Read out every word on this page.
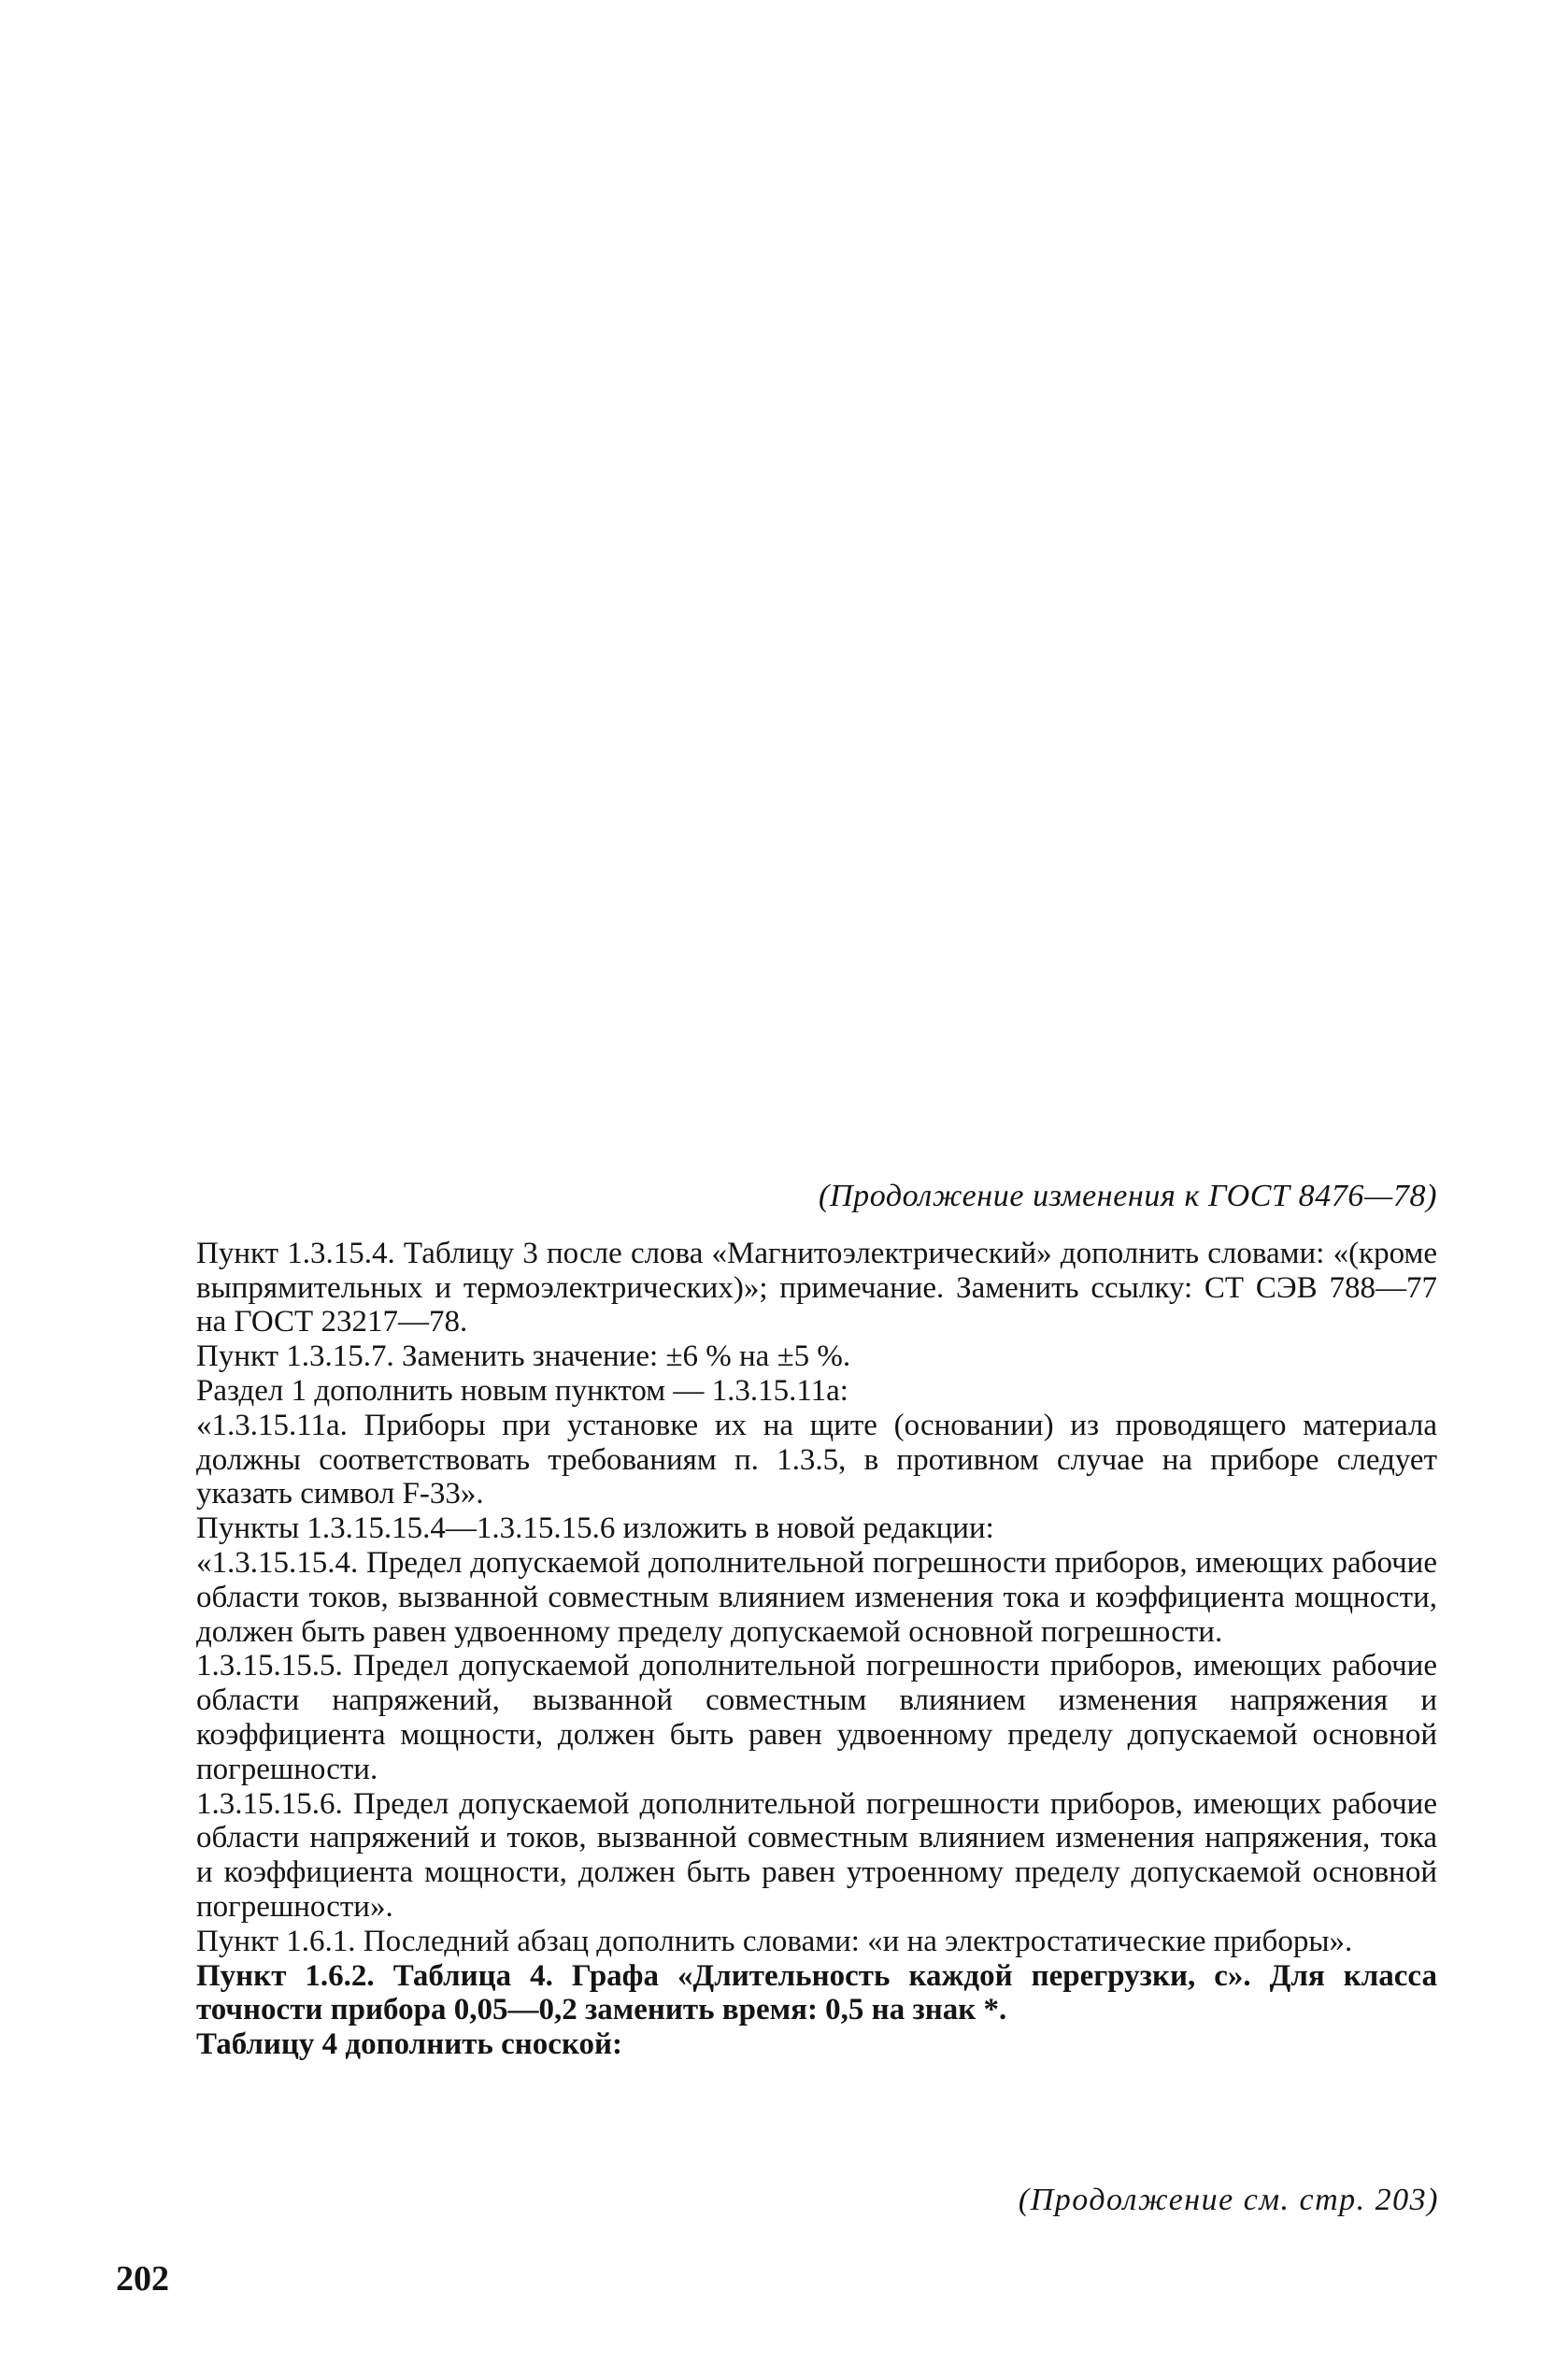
(Продолжение изменения к ГОСТ 8476—78)

Пункт 1.3.15.4. Таблицу 3 после слова «Магнитоэлектрический» дополнить словами: «(кроме выпрямительных и термоэлектрических)»; примечание. Заменить ссылку: СТ СЭВ 788—77 на ГОСТ 23217—78.

Пункт 1.3.15.7. Заменить значение: ±6 % на ±5 %.

Раздел 1 дополнить новым пунктом — 1.3.15.11а:

«1.3.15.11а. Приборы при установке их на щите (основании) из проводящего материала должны соответствовать требованиям п. 1.3.5, в противном случае на приборе следует указать символ F-33».

Пункты 1.3.15.15.4—1.3.15.15.6 изложить в новой редакции:

«1.3.15.15.4. Предел допускаемой дополнительной погрешности приборов, имеющих рабочие области токов, вызванной совместным влиянием изменения тока и коэффициента мощности, должен быть равен удвоенному пределу допускаемой основной погрешности.

1.3.15.15.5. Предел допускаемой дополнительной погрешности приборов, имеющих рабочие области напряжений, вызванной совместным влиянием изменения напряжения и коэффициента мощности, должен быть равен удвоенному пределу допускаемой основной погрешности.

1.3.15.15.6. Предел допускаемой дополнительной погрешности приборов, имеющих рабочие области напряжений и токов, вызванной совместным влиянием изменения напряжения, тока и коэффициента мощности, должен быть равен утроенному пределу допускаемой основной погрешности».

Пункт 1.6.1. Последний абзац дополнить словами: «и на электростатические приборы».

Пункт 1.6.2. Таблица 4. Графа «Длительность каждой перегрузки, с». Для класса точности прибора 0,05—0,2 заменить время: 0,5 на знак *.

Таблицу 4 дополнить сноской:

(Продолжение см. стр. 203)
202
